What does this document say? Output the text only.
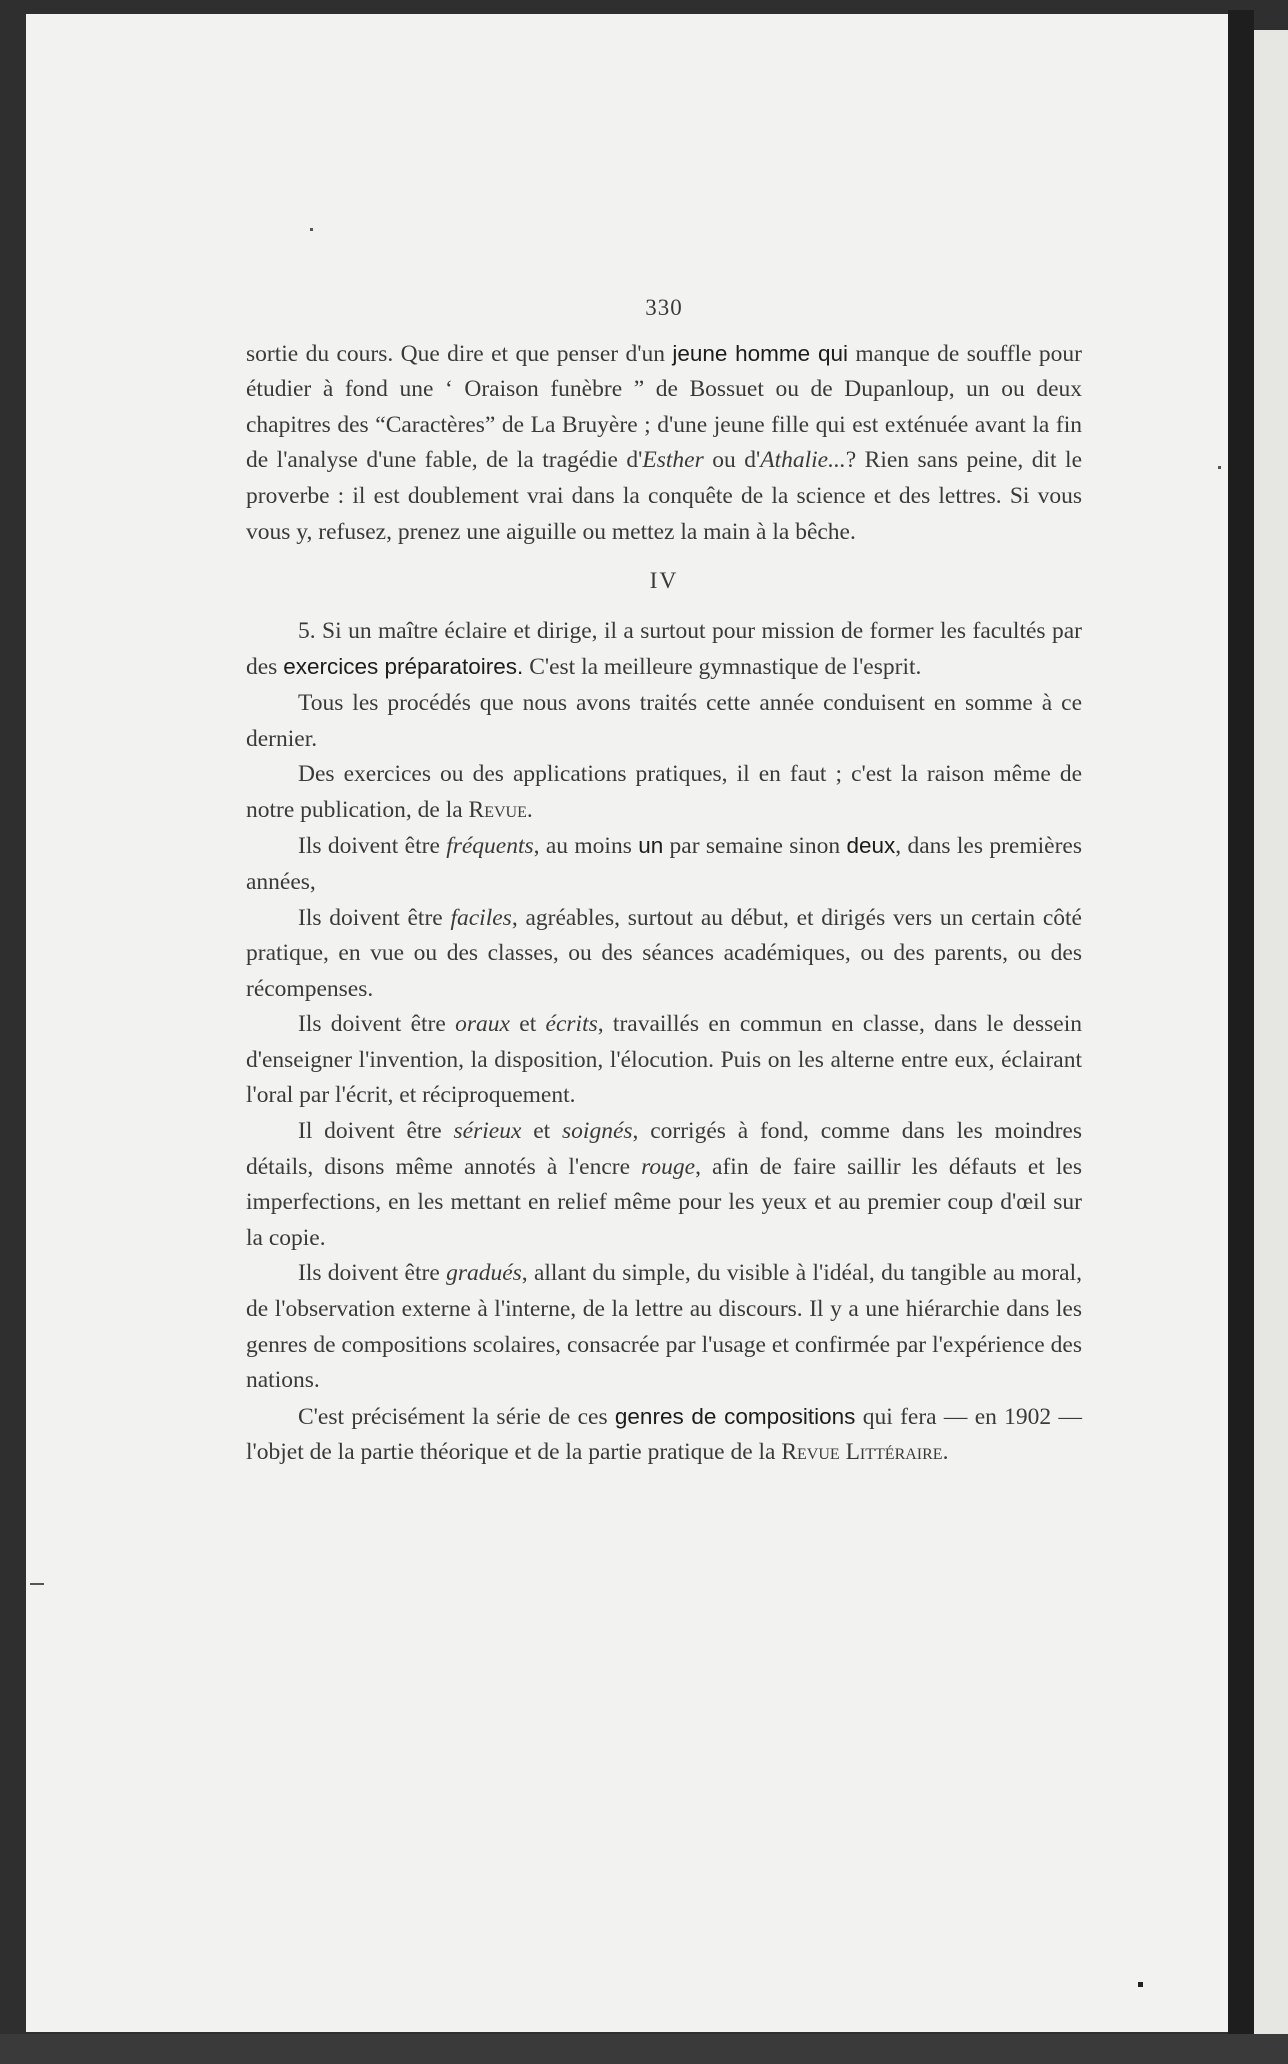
330

sortie du cours. Que dire et que penser d'un jeune homme qui manque de souffle pour étudier à fond une ‘ Oraison funèbre ” de Bossuet ou de Dupanloup, un ou deux chapitres des “Caractères” de La Bruyère ; d'une jeune fille qui est exténuée avant la fin de l'analyse d'une fable, de la tragédie d'Esther ou d'Athalie...? Rien sans peine, dit le proverbe : il est doublement vrai dans la conquête de la science et des lettres. Si vous vous y, refusez, prenez une aiguille ou mettez la main à la bêche.

IV

5. Si un maître éclaire et dirige, il a surtout pour mission de former les facultés par des exercices préparatoires. C'est la meilleure gymnastique de l'esprit.

Tous les procédés que nous avons traités cette année conduisent en somme à ce dernier.

Des exercices ou des applications pratiques, il en faut ; c'est la raison même de notre publication, de la Revue.

Ils doivent être fréquents, au moins un par semaine sinon deux, dans les premières années,

Ils doivent être faciles, agréables, surtout au début, et dirigés vers un certain côté pratique, en vue ou des classes, ou des séances académiques, ou des parents, ou des récompenses.

Ils doivent être oraux et écrits, travaillés en commun en classe, dans le dessein d'enseigner l'invention, la disposition, l'élocution. Puis on les alterne entre eux, éclairant l'oral par l'écrit, et réciproquement.

Il doivent être sérieux et soignés, corrigés à fond, comme dans les moindres détails, disons même annotés à l'encre rouge, afin de faire saillir les défauts et les imperfections, en les mettant en relief même pour les yeux et au premier coup d'œil sur la copie.

Ils doivent être gradués, allant du simple, du visible à l'idéal, du tangible au moral, de l'observation externe à l'interne, de la lettre au discours. Il y a une hiérarchie dans les genres de compositions scolaires, consacrée par l'usage et confirmée par l'expérience des nations.

C'est précisément la série de ces genres de compositions qui fera — en 1902 — l'objet de la partie théorique et de la partie pratique de la Revue Littéraire.
